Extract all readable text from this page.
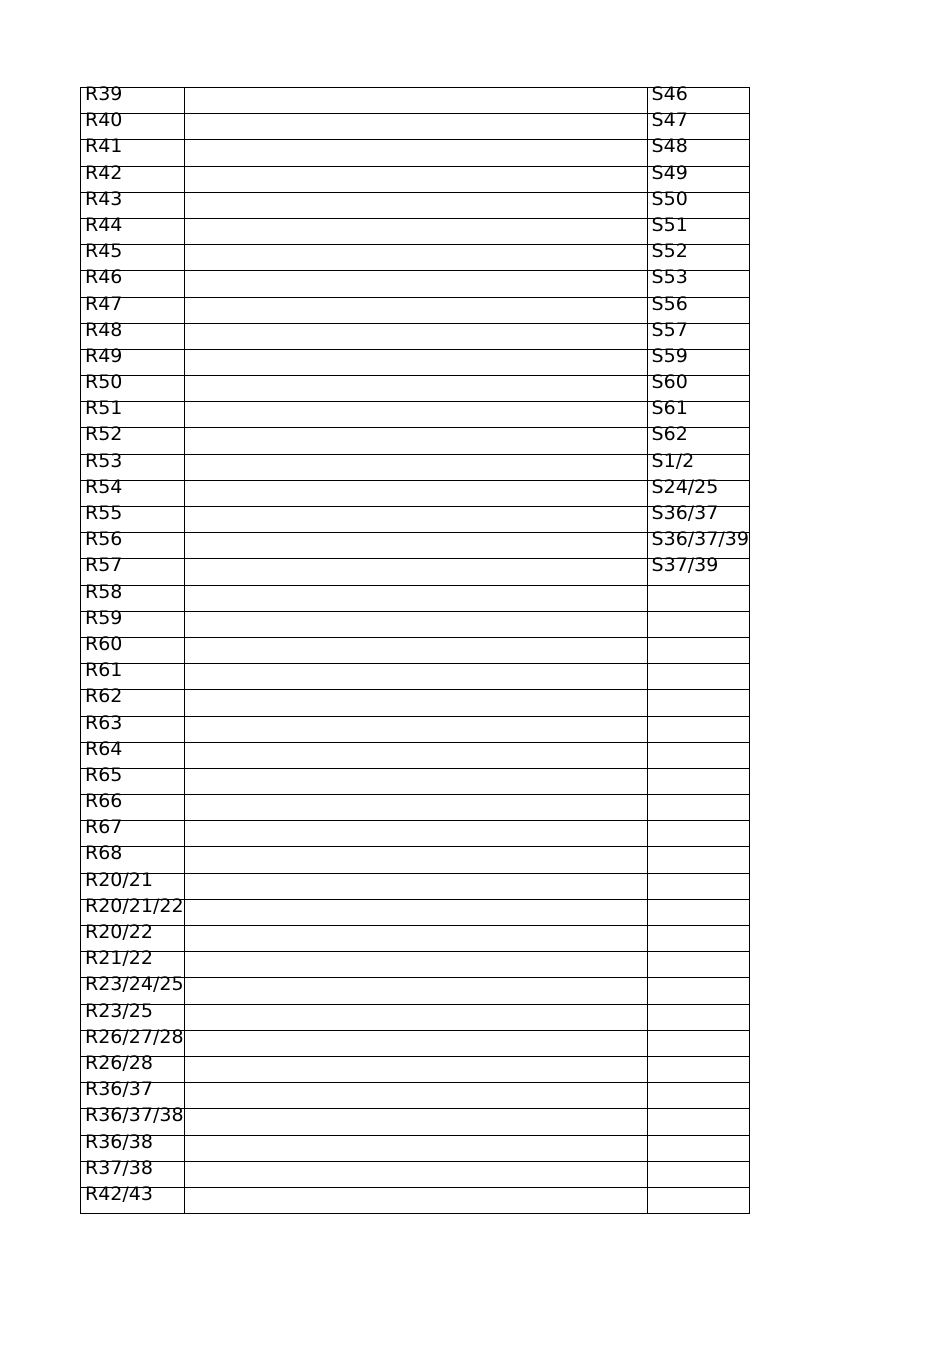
R39		S46
R40		S47
R41		S48
R42		S49
R43		S50
R44		S51
R45		S52
R46		S53
R47		S56
R48		S57
R49		S59
R50		S60
R51		S61
R52		S62
R53		S1/2
R54		S24/25
R55		S36/37
R56		S36/37/39
R57		S37/39
R58		
R59		
R60		
R61		
R62		
R63		
R64		
R65		
R66		
R67		
R68		
R20/21		
R20/21/22		
R20/22		
R21/22		
R23/24/25		
R23/25		
R26/27/28		
R26/28		
R36/37		
R36/37/38		
R36/38		
R37/38		
R42/43		
